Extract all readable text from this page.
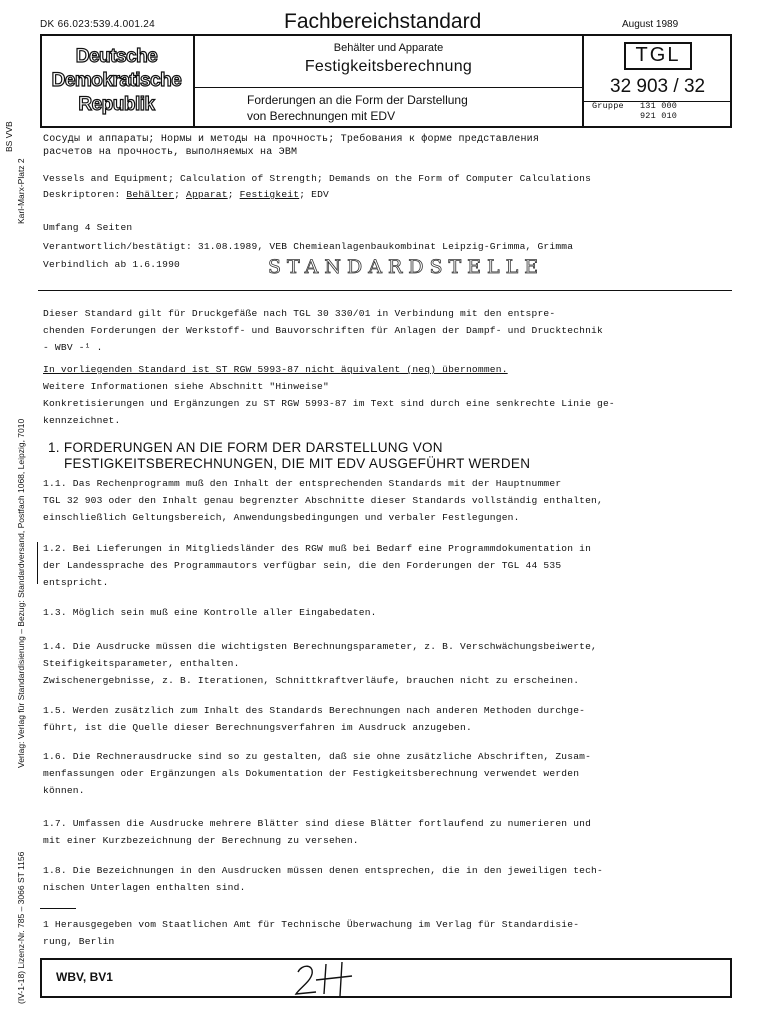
DK 66.023:539.4.001.24	Fachbereichstandard	August 1989
Deutsche
Demokratische
Republik
Behälter und Apparate
Festigkeitsberechnung
Forderungen an die Form der Darstellung
von Berechnungen mit EDV
TGL
32 903 / 32
Gruppe 131 000
921 010
BS VVB
Karl-Marx-Platz 2
Verlag: Verlag für Standardisierung – Bezug: Standardversand, Postfach 1068, Leipzig, 7010
(IV-1-18) Lizenz-Nr. 785 – 3066 ST 1156
Сосуды и аппараты; Нормы и методы на прочность; Требования к форме представления
расчетов на прочность, выполняемых на ЭВМ
Vessels and Equipment; Calculation of Strength; Demands on the Form of Computer Calculations
Deskriptoren: Behälter; Apparat; Festigkeit; EDV
Umfang 4 Seiten
Verantwortlich/bestätigt: 31.08.1989, VEB Chemieanlagenbaukombinat Leipzig-Grimma, Grimma
Verbindlich ab 1.6.1990	STANDARDSTELLE
Dieser Standard gilt für Druckgefäße nach TGL 30 330/01 in Verbindung mit den entspre-
chenden Forderungen der Werkstoff- und Bauvorschriften für Anlagen der Dampf- und Drucktechnik
- WBV -¹ .
In vorliegenden Standard ist ST RGW 5993-87 nicht äquivalent (neq) übernommen.
Weitere Informationen siehe Abschnitt "Hinweise"
Konkretisierungen und Ergänzungen zu ST RGW 5993-87 im Text sind durch eine senkrechte Linie ge-
kennzeichnet.
1. FORDERUNGEN AN DIE FORM DER DARSTELLUNG VON
FESTIGKEITSBERECHNUNGEN, DIE MIT EDV AUSGEFÜHRT WERDEN
1.1. Das Rechenprogramm muß den Inhalt der entsprechenden Standards mit der Hauptnummer
TGL 32 903 oder den Inhalt genau begrenzter Abschnitte dieser Standards vollständig enthalten,
einschließlich Geltungsbereich, Anwendungsbedingungen und verbaler Festlegungen.
1.2. Bei Lieferungen in Mitgliedsländer des RGW muß bei Bedarf eine Programmdokumentation in
der Landessprache des Programmautors verfügbar sein, die den Forderungen der TGL 44 535
entspricht.
1.3. Möglich sein muß eine Kontrolle aller Eingabedaten.
1.4. Die Ausdrucke müssen die wichtigsten Berechnungsparameter, z. B. Verschwächungsbeiwerte,
Steifigkeitsparameter, enthalten.
Zwischenergebnisse, z. B. Iterationen, Schnittkraftverläufe, brauchen nicht zu erscheinen.
1.5. Werden zusätzlich zum Inhalt des Standards Berechnungen nach anderen Methoden durchge-
führt, ist die Quelle dieser Berechnungsverfahren im Ausdruck anzugeben.
1.6. Die Rechnerausdrucke sind so zu gestalten, daß sie ohne zusätzliche Abschriften, Zusam-
menfassungen oder Ergänzungen als Dokumentation der Festigkeitsberechnung verwendet werden
können.
1.7. Umfassen die Ausdrucke mehrere Blätter sind diese Blätter fortlaufend zu numerieren und
mit einer Kurzbezeichnung der Berechnung zu versehen.
1.8. Die Bezeichnungen in den Ausdrucken müssen denen entsprechen, die in den jeweiligen tech-
nischen Unterlagen enthalten sind.
1 Herausgegeben vom Staatlichen Amt für Technische Überwachung im Verlag für Standardisie-
rung, Berlin
WBV, BV1
